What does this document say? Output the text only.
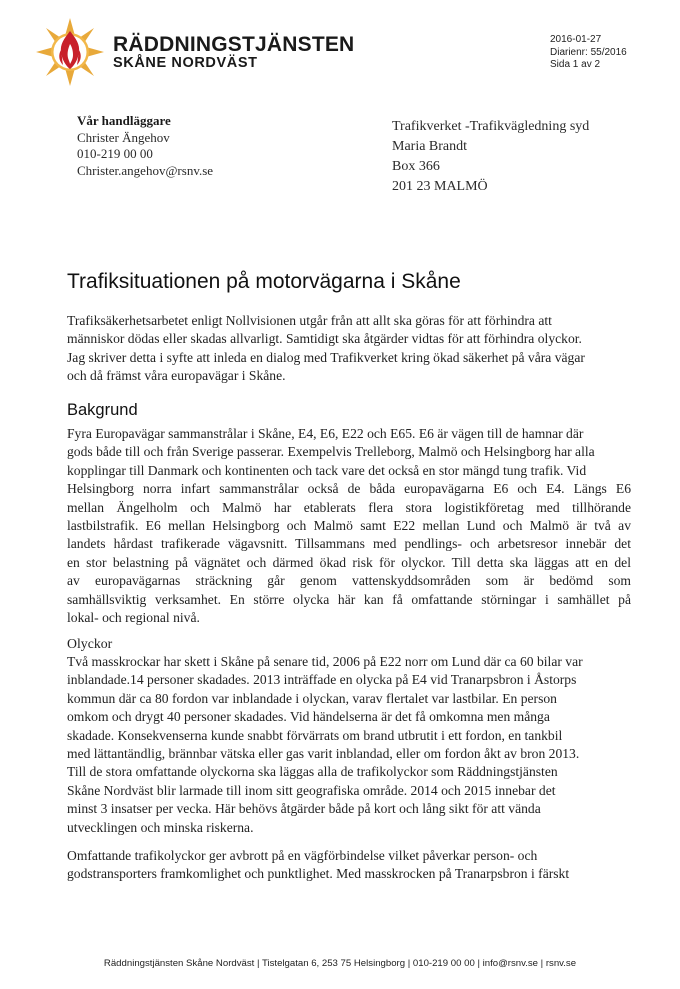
RÄDDNINGSTJÄNSTEN
SKÅNE NORDVÄST
2016-01-27
Diarienr: 55/2016
Sida 1 av 2
Vår handläggare
Christer Ängehov
010-219 00 00
Christer.angehov@rsnv.se
Trafikverket -Trafikvägledning syd
Maria Brandt
Box 366
201 23 MALMÖ
Trafiksituationen på motorvägarna i Skåne
Trafiksäkerhetsarbetet enligt Nollvisionen utgår från att allt ska göras för att förhindra att
människor dödas eller skadas allvarligt. Samtidigt ska åtgärder vidtas för att förhindra olyckor.
Jag skriver detta i syfte att inleda en dialog med Trafikverket kring ökad säkerhet på våra vägar
och då främst våra europavägar i Skåne.
Bakgrund
Fyra Europavägar sammanstrålar i Skåne, E4, E6, E22 och E65. E6 är vägen till de hamnar där
gods både till och från Sverige passerar. Exempelvis Trelleborg, Malmö och Helsingborg har alla
kopplingar till Danmark och kontinenten och tack vare det också en stor mängd tung trafik. Vid
Helsingborg norra infart sammanstrålar också de båda europavägarna E6 och E4. Längs E6
mellan Ängelholm och Malmö har etablerats flera stora logistikföretag med tillhörande
lastbilstrafik. E6 mellan Helsingborg och Malmö samt E22 mellan Lund och Malmö är två av
landets hårdast trafikerade vägavsnitt. Tillsammans med pendlings- och arbetsresor innebär det
en stor belastning på vägnätet och därmed ökad risk för olyckor. Till detta ska läggas att en del
av europavägarnas sträckning går genom vattenskyddsområden som är bedömd som
samhällsviktig verksamhet. En större olycka här kan få omfattande störningar i samhället på
lokal- och regional nivå.
Olyckor
Två masskrockar har skett i Skåne på senare tid, 2006 på E22 norr om Lund där ca 60 bilar var
inblandade.14 personer skadades. 2013 inträffade en olycka på E4 vid Tranarpsbron i Åstorps
kommun där ca 80 fordon var inblandade i olyckan, varav flertalet var lastbilar. En person
omkom och drygt 40 personer skadades. Vid händelserna är det få omkomna men många
skadade. Konsekvenserna kunde snabbt förvärrats om brand utbrutit i ett fordon, en tankbil
med lättantändlig, brännbar vätska eller gas varit inblandad, eller om fordon åkt av bron 2013.
Till de stora omfattande olyckorna ska läggas alla de trafikolyckor som Räddningstjänsten
Skåne Nordväst blir larmade till inom sitt geografiska område. 2014 och 2015 innebar det
minst 3 insatser per vecka. Här behövs åtgärder både på kort och lång sikt för att vända
utvecklingen och minska riskerna.
Omfattande trafikolyckor ger avbrott på en vägförbindelse vilket påverkar person- och
godstransporters framkomlighet och punktlighet. Med masskrocken på Tranarpsbron i färskt
Räddningstjänsten Skåne Nordväst | Tistelgatan 6, 253 75 Helsingborg | 010-219 00 00 | info@rsnv.se | rsnv.se
